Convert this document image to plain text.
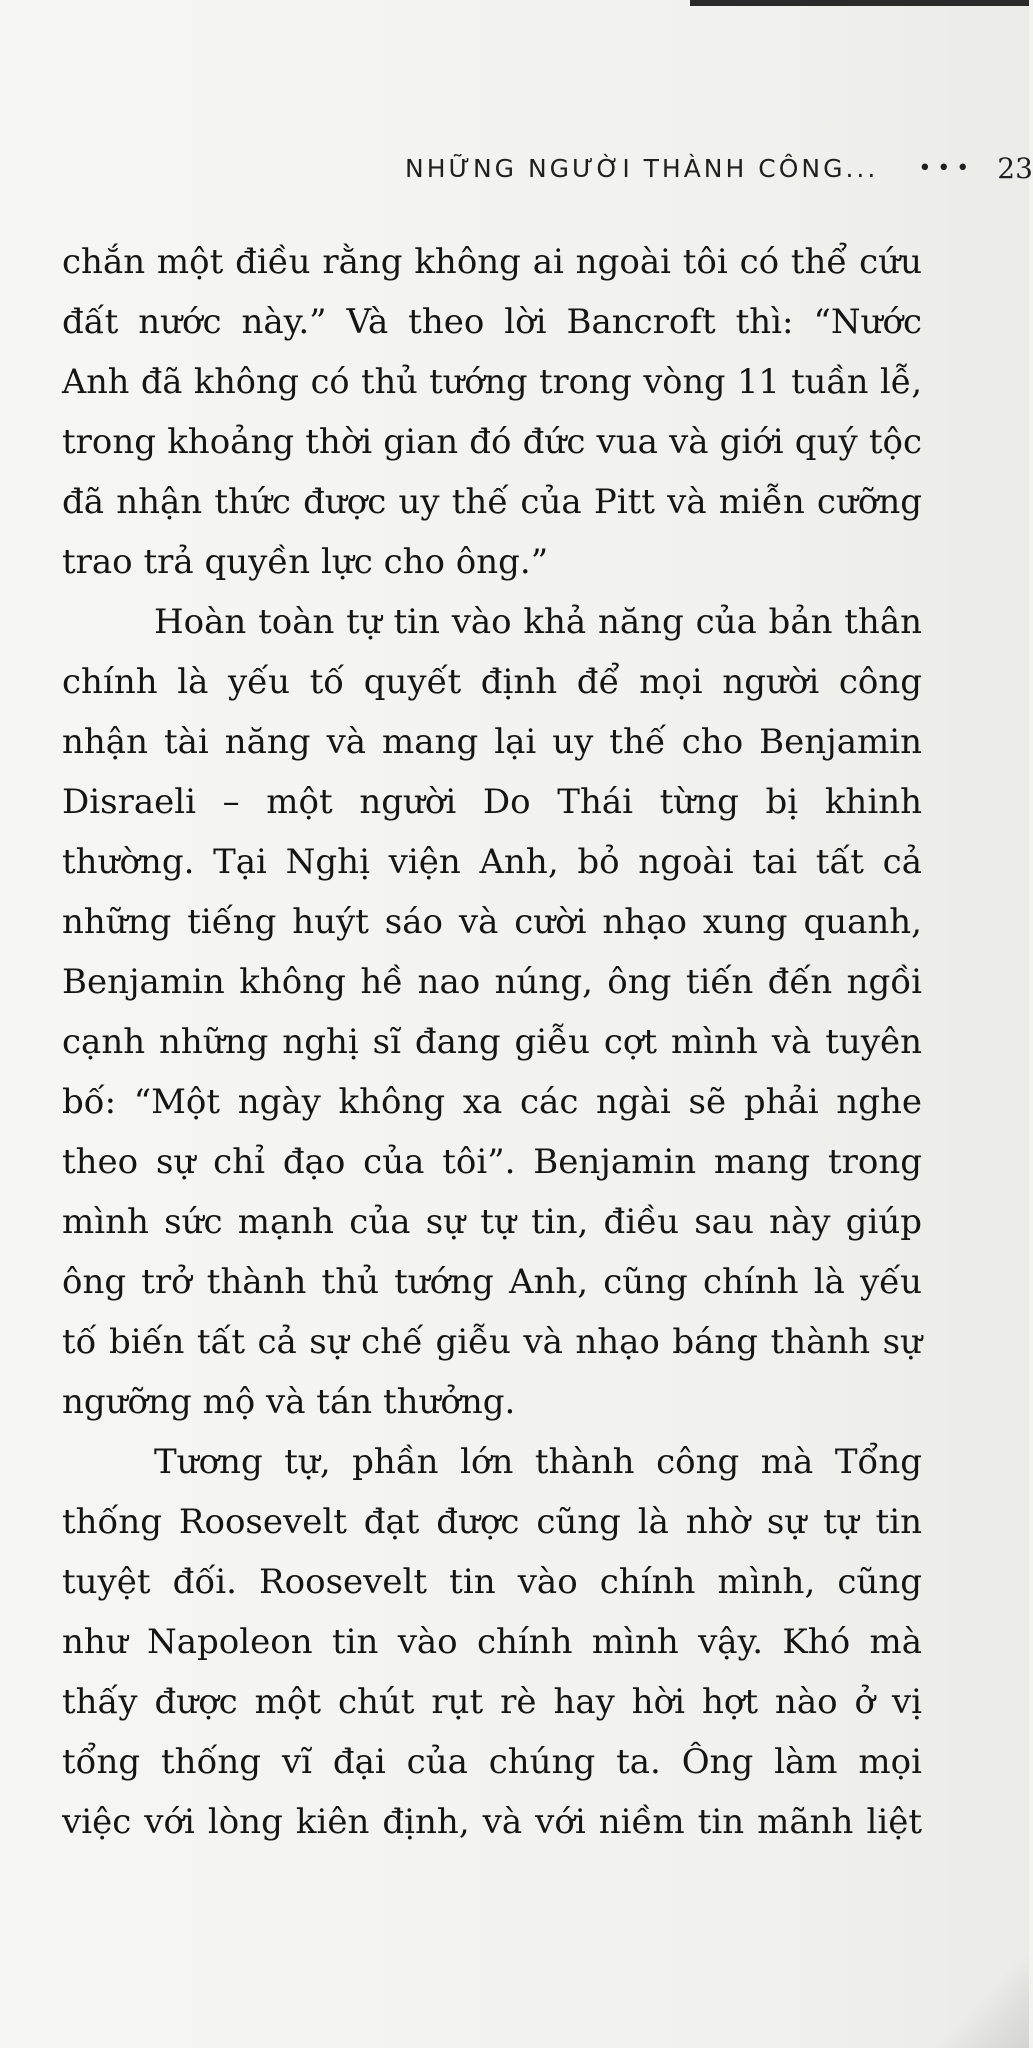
NHỮNG NGƯỜI THÀNH CÔNG... ••• 23

chắn một điều rằng không ai ngoài tôi có thể cứu
đất nước này.” Và theo lời Bancroft thì: “Nước
Anh đã không có thủ tướng trong vòng 11 tuần lễ,
trong khoảng thời gian đó đức vua và giới quý tộc
đã nhận thức được uy thế của Pitt và miễn cưỡng
trao trả quyền lực cho ông.”

Hoàn toàn tự tin vào khả năng của bản thân
chính là yếu tố quyết định để mọi người công
nhận tài năng và mang lại uy thế cho Benjamin
Disraeli – một người Do Thái từng bị khinh
thường. Tại Nghị viện Anh, bỏ ngoài tai tất cả
những tiếng huýt sáo và cười nhạo xung quanh,
Benjamin không hề nao núng, ông tiến đến ngồi
cạnh những nghị sĩ đang giễu cợt mình và tuyên
bố: “Một ngày không xa các ngài sẽ phải nghe
theo sự chỉ đạo của tôi”. Benjamin mang trong
mình sức mạnh của sự tự tin, điều sau này giúp
ông trở thành thủ tướng Anh, cũng chính là yếu
tố biến tất cả sự chế giễu và nhạo báng thành sự
ngưỡng mộ và tán thưởng.

Tương tự, phần lớn thành công mà Tổng
thống Roosevelt đạt được cũng là nhờ sự tự tin
tuyệt đối. Roosevelt tin vào chính mình, cũng
như Napoleon tin vào chính mình vậy. Khó mà
thấy được một chút rụt rè hay hời hợt nào ở vị
tổng thống vĩ đại của chúng ta. Ông làm mọi
việc với lòng kiên định, và với niềm tin mãnh liệt
